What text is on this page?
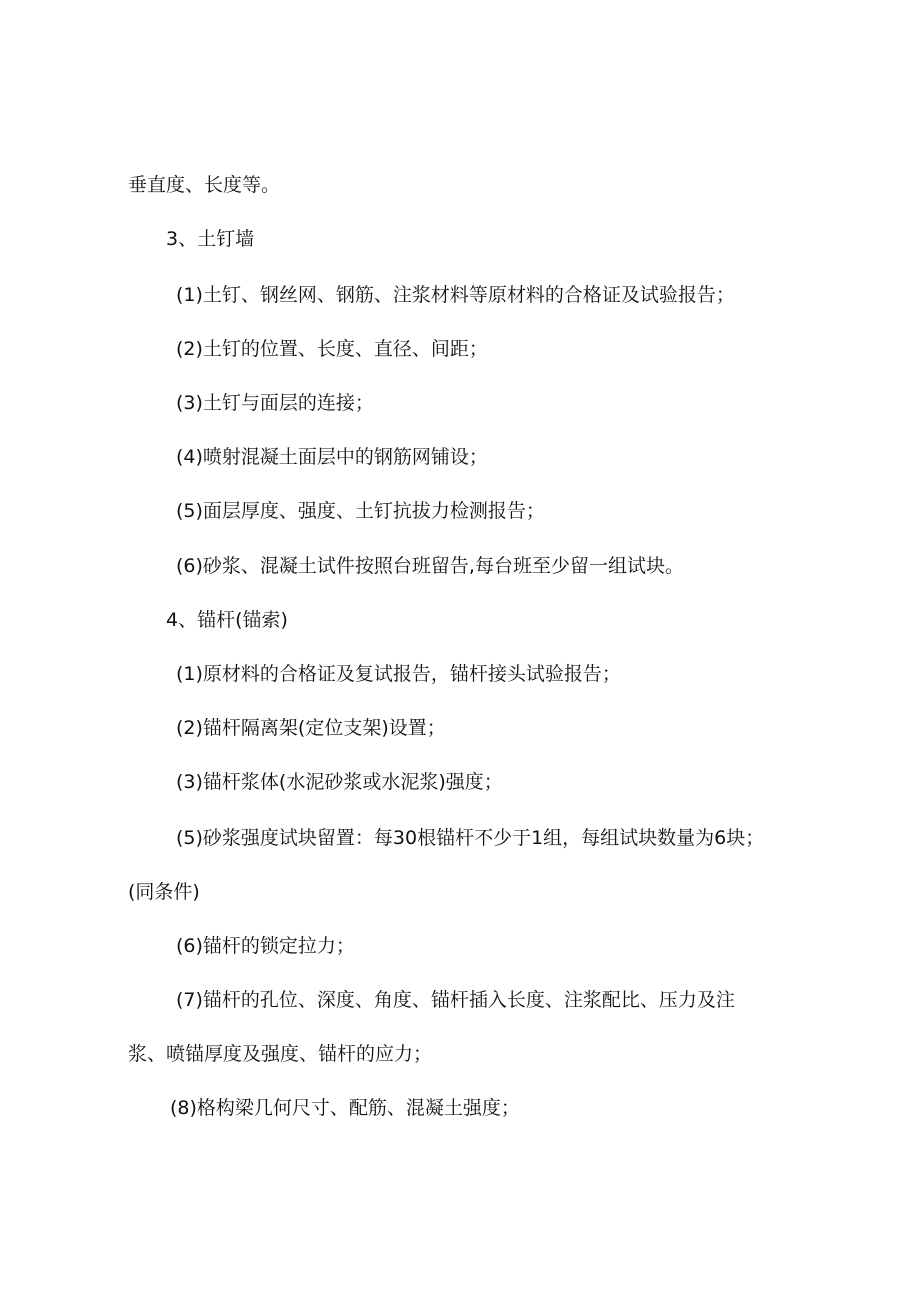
垂直度、长度等。
3、土钉墙
(1)土钉、钢丝网、钢筋、注浆材料等原材料的合格证及试验报告；
(2)土钉的位置、长度、直径、间距；
(3)土钉与面层的连接；
(4)喷射混凝土面层中的钢筋网铺设；
(5)面层厚度、强度、土钉抗拔力检测报告；
(6)砂浆、混凝土试件按照台班留告,每台班至少留一组试块。
4、锚杆(锚索)
(1)原材料的合格证及复试报告，锚杆接头试验报告；
(2)锚杆隔离架(定位支架)设置；
(3)锚杆浆体(水泥砂浆或水泥浆)强度；
(5)砂浆强度试块留置：每30根锚杆不少于1组，每组试块数量为6块；
(同条件)
(6)锚杆的锁定拉力；
(7)锚杆的孔位、深度、角度、锚杆插入长度、注浆配比、压力及注
浆、喷锚厚度及强度、锚杆的应力；
(8)格构梁几何尺寸、配筋、混凝土强度；
